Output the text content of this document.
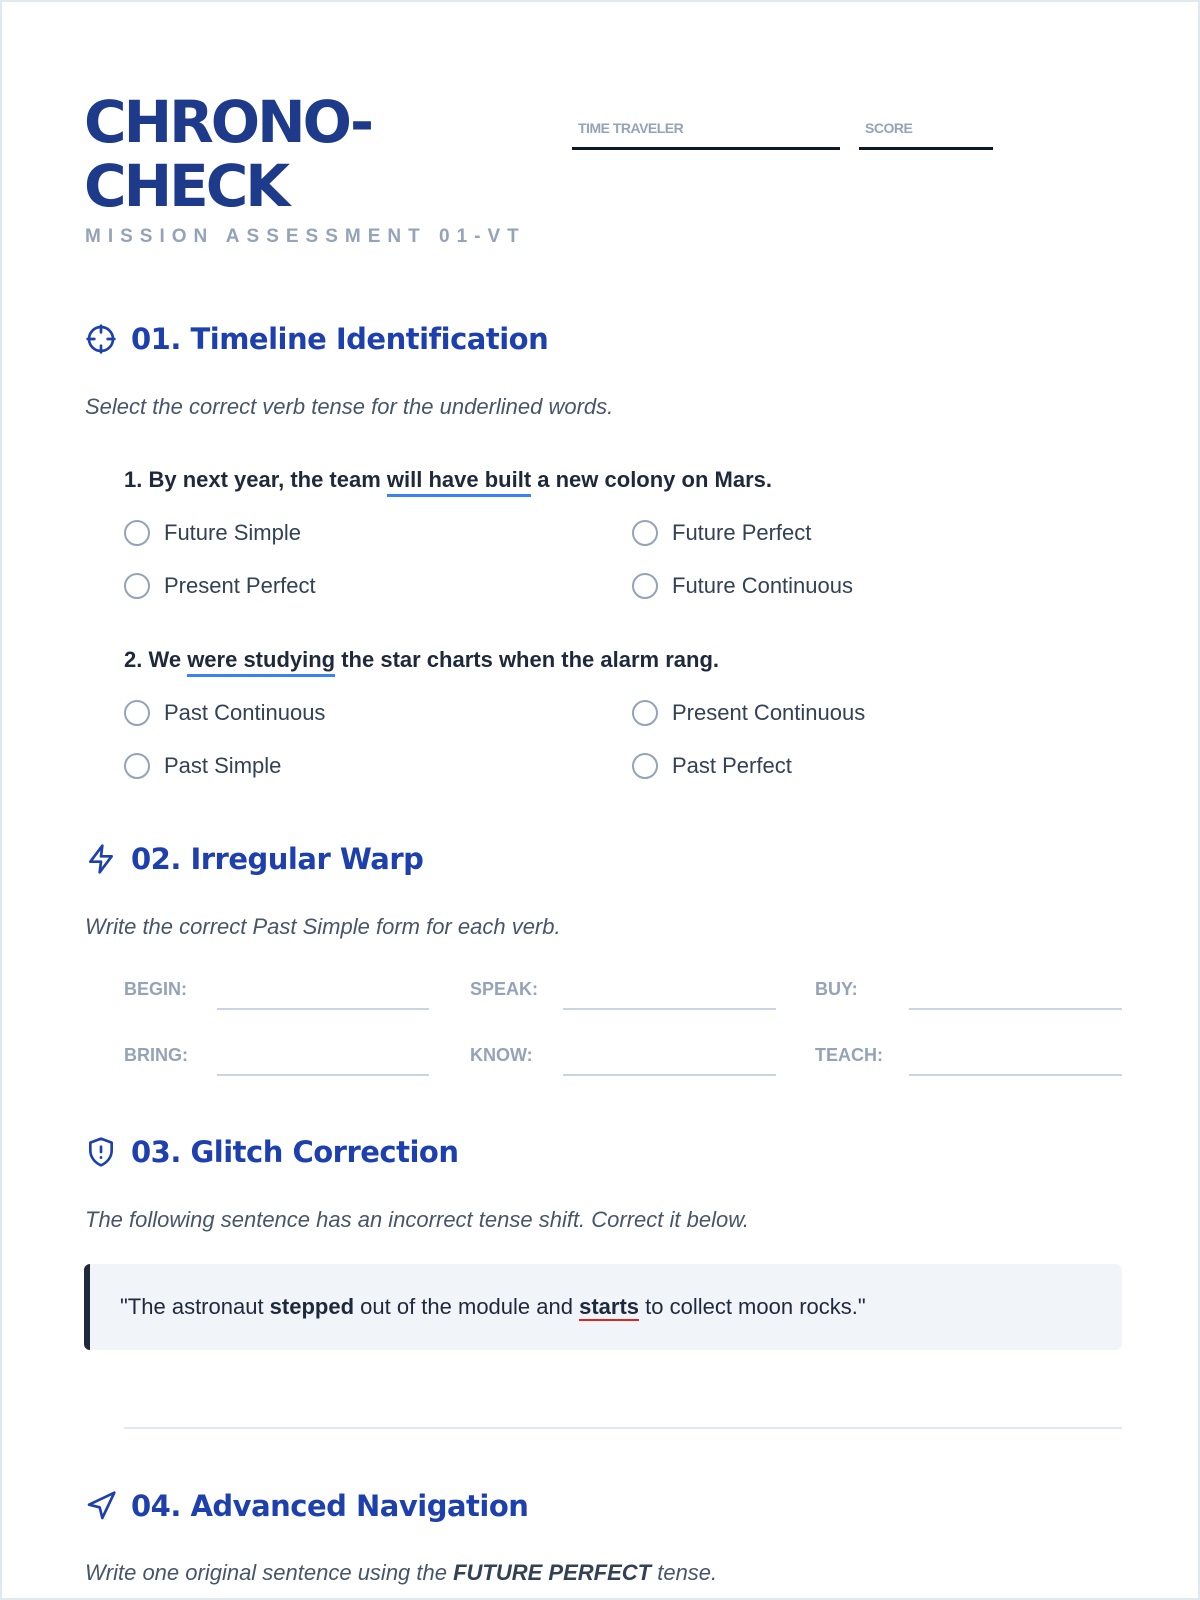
CHRONO-
CHECK
MISSION ASSESSMENT 01-VT
TIME TRAVELER	SCORE
01. Timeline Identification
Select the correct verb tense for the underlined words.
1. By next year, the team will have built a new colony on Mars.
Future Simple	Future Perfect
Present Perfect	Future Continuous
2. We were studying the star charts when the alarm rang.
Past Continuous	Present Continuous
Past Simple	Past Perfect
02. Irregular Warp
Write the correct Past Simple form for each verb.
BEGIN:	SPEAK:	BUY:
BRING:	KNOW:	TEACH:
03. Glitch Correction
The following sentence has an incorrect tense shift. Correct it below.
"The astronaut stepped out of the module and starts to collect moon rocks."
04. Advanced Navigation
Write one original sentence using the FUTURE PERFECT tense.
